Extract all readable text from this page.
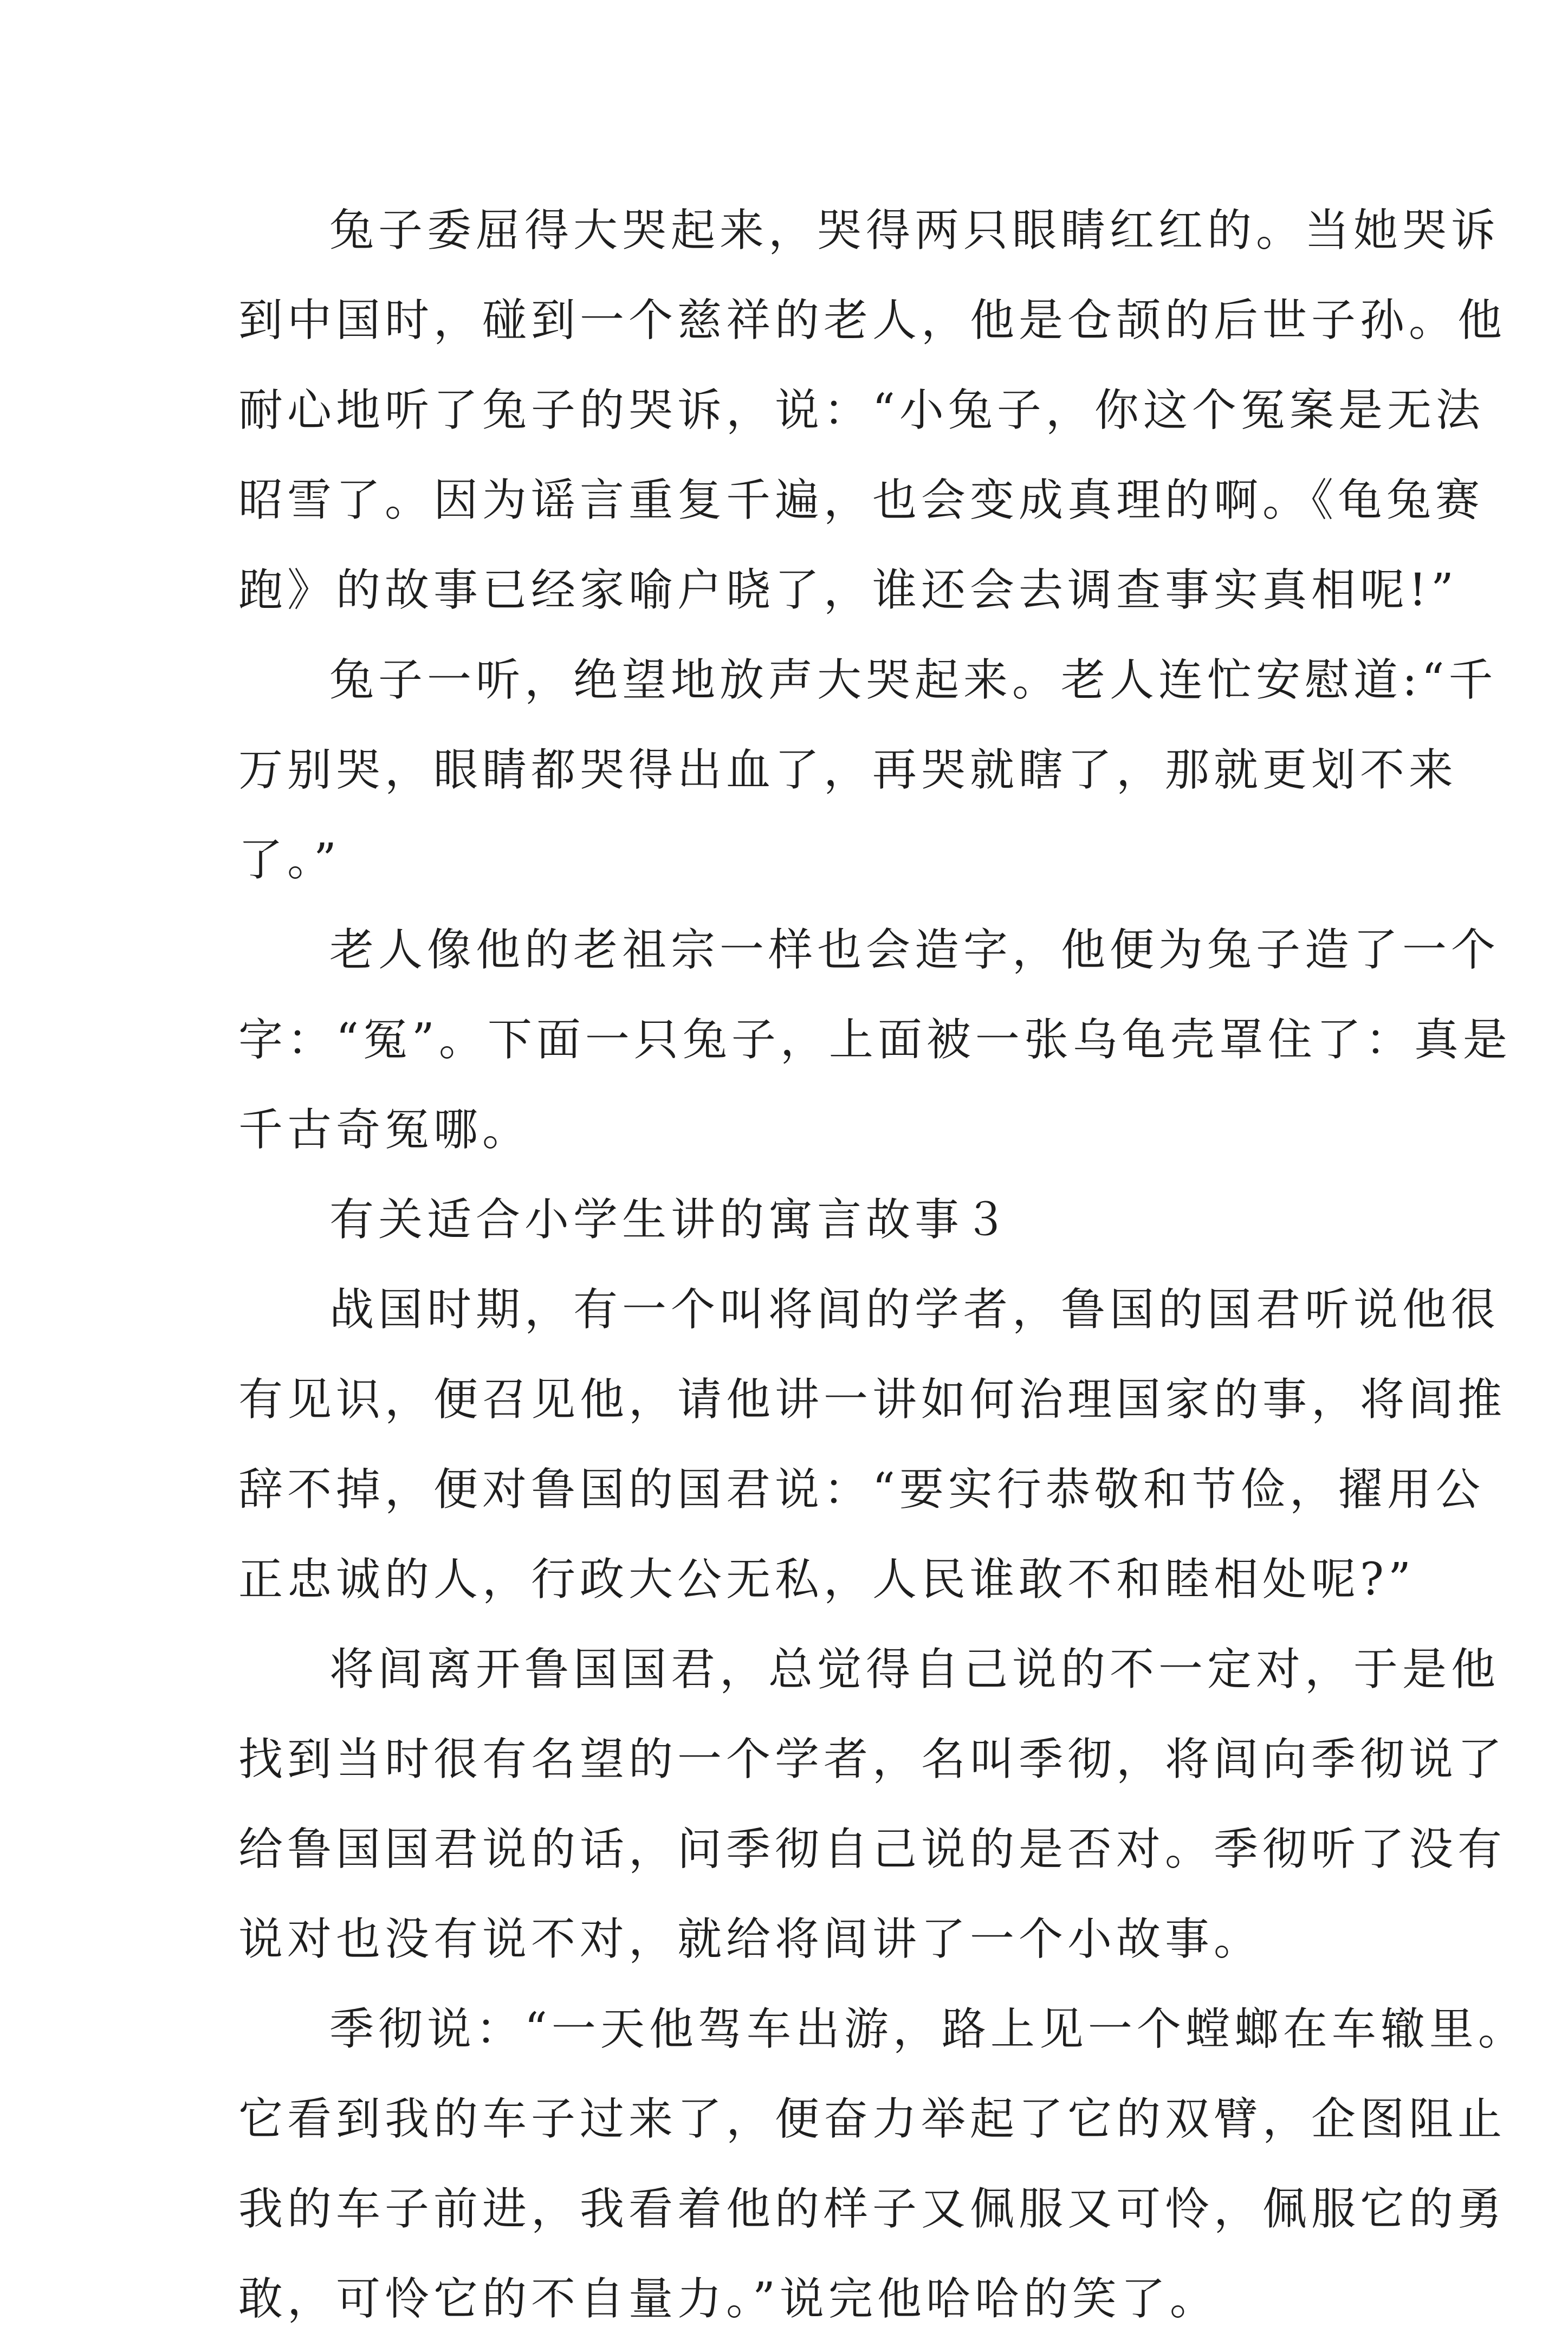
兔子委屈得大哭起来，哭得两只眼睛红红的。当她哭诉
到中国时，碰到一个慈祥的老人，他是仓颉的后世子孙。他
耐心地听了兔子的哭诉，说：“小兔子，你这个冤案是无法
昭雪了。因为谣言重复千遍，也会变成真理的啊。《龟兔赛
跑》的故事已经家喻户晓了，谁还会去调查事实真相呢!”
兔子一听，绝望地放声大哭起来。老人连忙安慰道:“千
万别哭，眼睛都哭得出血了，再哭就瞎了，那就更划不来
了。”
老人像他的老祖宗一样也会造字，他便为兔子造了一个
字：“冤”。下面一只兔子，上面被一张乌龟壳罩住了：真是
千古奇冤哪。
有关适合小学生讲的寓言故事３
战国时期，有一个叫将闾的学者，鲁国的国君听说他很
有见识，便召见他，请他讲一讲如何治理国家的事，将闾推
辞不掉，便对鲁国的国君说：“要实行恭敬和节俭，擢用公
正忠诚的人，行政大公无私，人民谁敢不和睦相处呢?”
将闾离开鲁国国君，总觉得自己说的不一定对，于是他
找到当时很有名望的一个学者，名叫季彻，将闾向季彻说了
给鲁国国君说的话，问季彻自己说的是否对。季彻听了没有
说对也没有说不对，就给将闾讲了一个小故事。
季彻说：“一天他驾车出游，路上见一个螳螂在车辙里。
它看到我的车子过来了，便奋力举起了它的双臂，企图阻止
我的车子前进，我看着他的样子又佩服又可怜，佩服它的勇
敢，可怜它的不自量力。”说完他哈哈的笑了。
